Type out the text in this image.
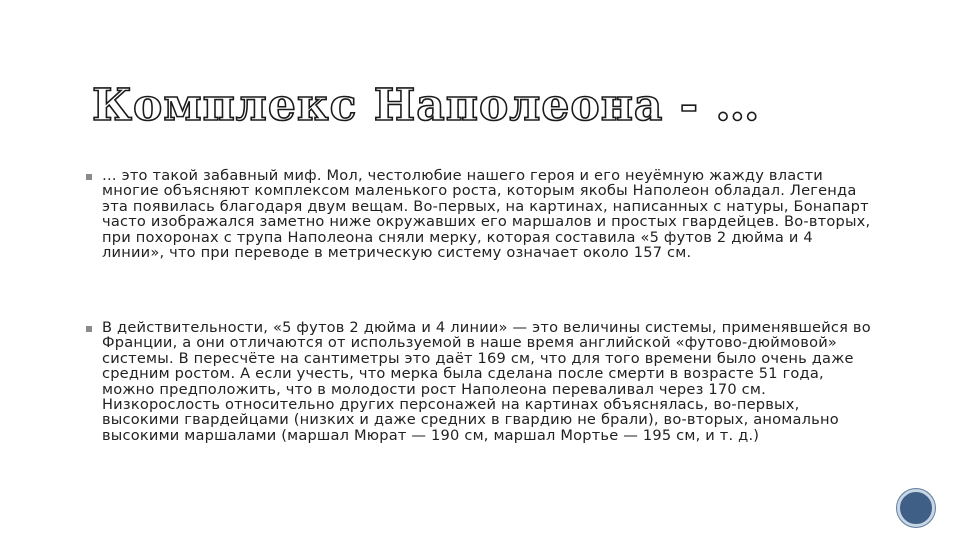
Комплекс Наполеона - …
… это такой забавный миф. Мол, честолюбие нашего героя и его неуёмную жажду власти многие объясняют комплексом маленького роста, которым якобы Наполеон обладал. Легенда эта появилась благодаря двум вещам. Во-первых, на картинах, написанных с натуры, Бонапарт часто изображался заметно ниже окружавших его маршалов и простых гвардейцев. Во-вторых, при похоронах с трупа Наполеона сняли мерку, которая составила «5 футов 2 дюйма и 4 линии», что при переводе в метрическую систему означает около 157 см.
В действительности, «5 футов 2 дюйма и 4 линии» — это величины системы, применявшейся во Франции, а они отличаются от используемой в наше время английской «футово-дюймовой» системы. В пересчёте на сантиметры это даёт 169 см, что для того времени было очень даже средним ростом. А если учесть, что мерка была сделана после смерти в возрасте 51 года, можно предположить, что в молодости рост Наполеона переваливал через 170 см. Низкорослость относительно других персонажей на картинах объяснялась, во-первых, высокими гвардейцами (низких и даже средних в гвардию не брали), во-вторых, аномально высокими маршалами (маршал Мюрат — 190 см, маршал Мортье — 195 см, и т. д.)
